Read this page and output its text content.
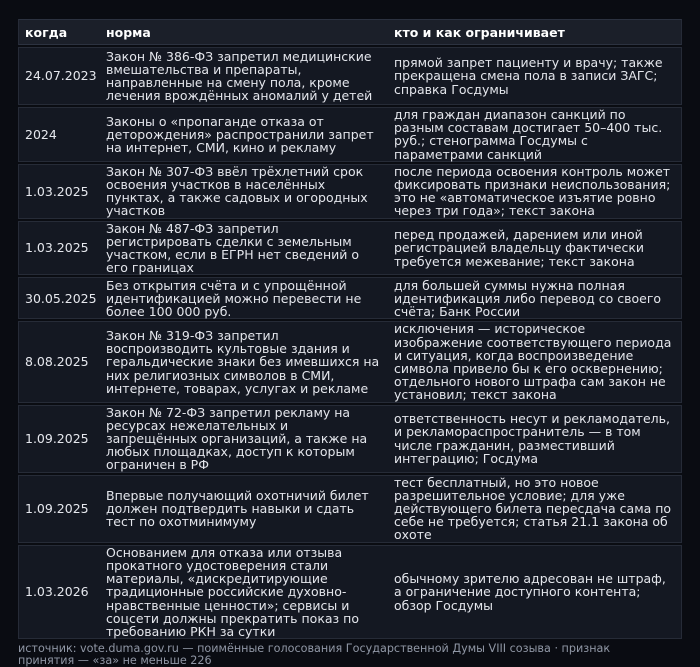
когда	норма	кто и как ограничивает
24.07.2023	Закон № 386-ФЗ запретил медицинские вмешательства и препараты, направленные на смену пола, кроме лечения врождённых аномалий у детей	прямой запрет пациенту и врачу; также прекращена смена пола в записи ЗАГС; справка Госдумы
2024	Законы о «пропаганде отказа от деторождения» распространили запрет на интернет, СМИ, кино и рекламу	для граждан диапазон санкций по разным составам достигает 50–400 тыс. руб.; стенограмма Госдумы с параметрами санкций
1.03.2025	Закон № 307-ФЗ ввёл трёхлетний срок освоения участков в населённых пунктах, а также садовых и огородных участков	после периода освоения контроль может фиксировать признаки неиспользования; это не «автоматическое изъятие ровно через три года»; текст закона
1.03.2025	Закон № 487-ФЗ запретил регистрировать сделки с земельным участком, если в ЕГРН нет сведений о его границах	перед продажей, дарением или иной регистрацией владельцу фактически требуется межевание; текст закона
30.05.2025	Без открытия счёта и с упрощённой идентификацией можно перевести не более 100 000 руб.	для большей суммы нужна полная идентификация либо перевод со своего счёта; Банк России
8.08.2025	Закон № 319-ФЗ запретил воспроизводить культовые здания и геральдические знаки без имевшихся на них религиозных символов в СМИ, интернете, товарах, услугах и рекламе	исключения — историческое изображение соответствующего периода и ситуация, когда воспроизведение символа привело бы к его осквернению; отдельного нового штрафа сам закон не установил; текст закона
1.09.2025	Закон № 72-ФЗ запретил рекламу на ресурсах нежелательных и запрещённых организаций, а также на любых площадках, доступ к которым ограничен в РФ	ответственность несут и рекламодатель, и рекламораспространитель — в том числе гражданин, разместивший интеграцию; Госдума
1.09.2025	Впервые получающий охотничий билет должен подтвердить навыки и сдать тест по охотминимуму	тест бесплатный, но это новое разрешительное условие; для уже действующего билета пересдача сама по себе не требуется; статья 21.1 закона об охоте
1.03.2026	Основанием для отказа или отзыва прокатного удостоверения стали материалы, «дискредитирующие традиционные российские духовно-нравственные ценности»; сервисы и соцсети должны прекратить показ по требованию РКН за сутки	обычному зрителю адресован не штраф, а ограничение доступного контента; обзор Госдумы
источник: vote.duma.gov.ru — поимённые голосования Государственной Думы VIII созыва · признак принятия — «за» не меньше 226
